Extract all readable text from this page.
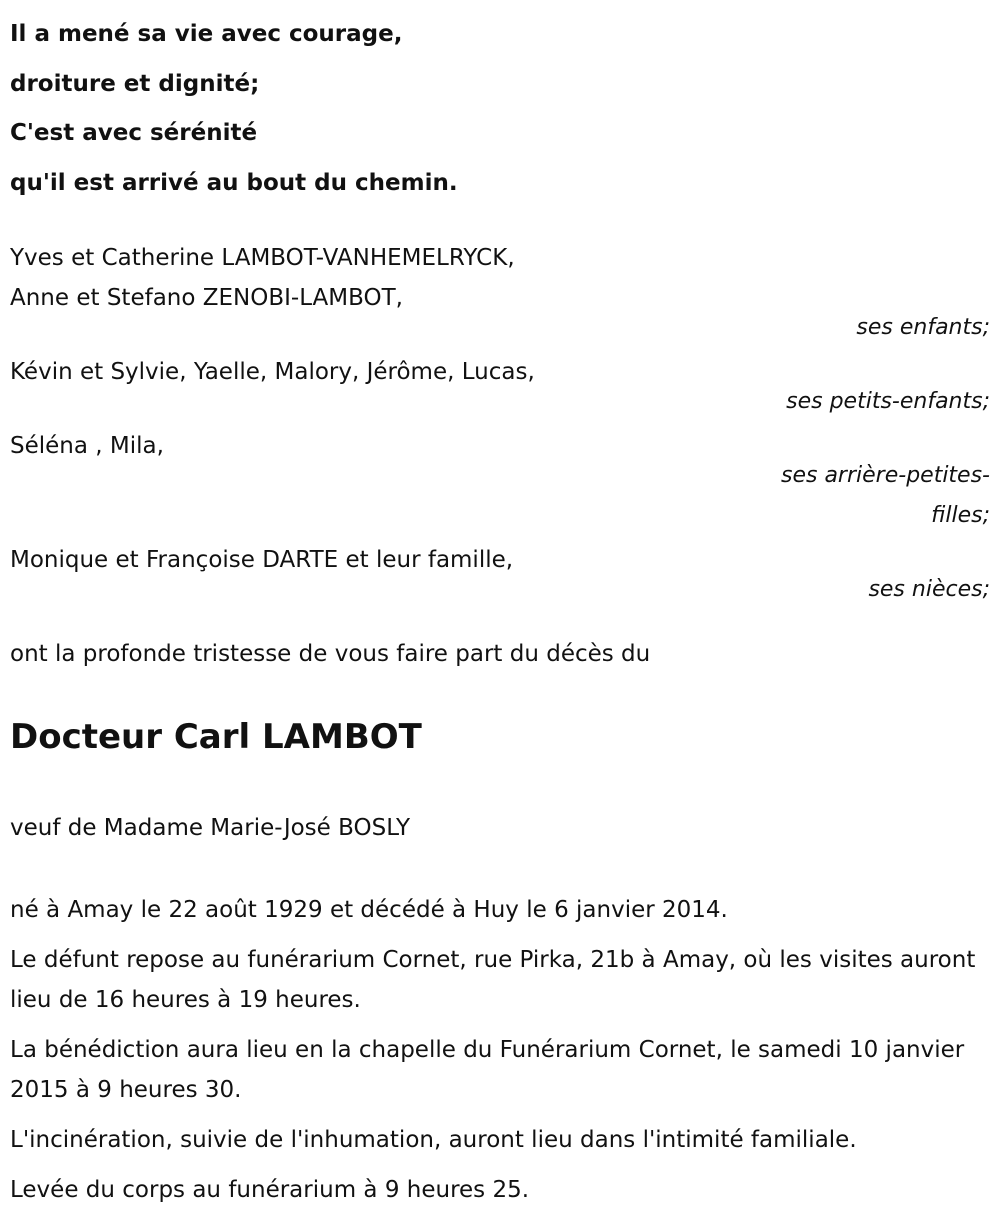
Il a mené sa vie avec courage,
droiture et dignité;
C'est avec sérénité
qu'il est arrivé au bout du chemin.
Yves et Catherine LAMBOT-VANHEMELRYCK,
Anne et Stefano ZENOBI-LAMBOT,
ses enfants;
Kévin et Sylvie, Yaelle, Malory, Jérôme, Lucas,
ses petits-enfants;
Séléna , Mila,
ses arrière-petites-filles;
Monique et Françoise DARTE et leur famille,
ses nièces;
ont la profonde tristesse de vous faire part du décès du
Docteur Carl LAMBOT
veuf de Madame Marie-José BOSLY
né à Amay le 22 août 1929 et décédé à Huy le 6 janvier 2014.
Le défunt repose au funérarium Cornet, rue Pirka, 21b à Amay, où les visites auront lieu de 16 heures à 19 heures.
La bénédiction aura lieu en la chapelle du Funérarium Cornet, le samedi 10 janvier 2015 à 9 heures 30.
L'incinération, suivie de l'inhumation, auront lieu dans l'intimité familiale.
Levée du corps au funérarium à 9 heures 25.
